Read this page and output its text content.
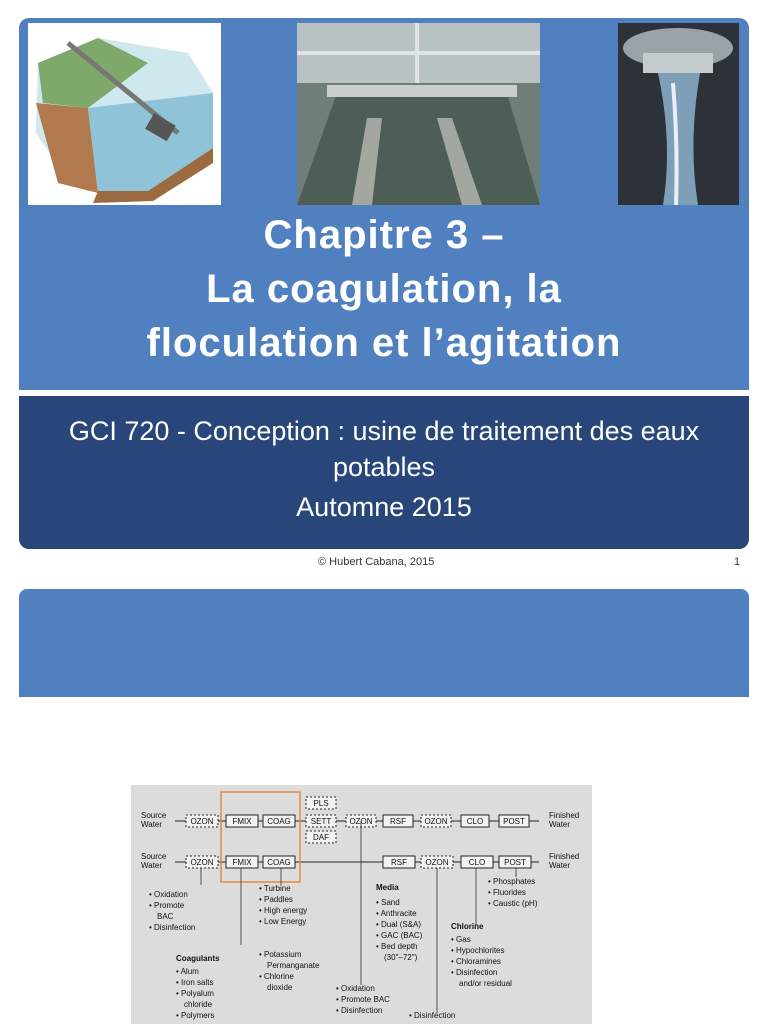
Chapitre 3 –
La coagulation, la
floculation et l’agitation
GCI 720 - Conception : usine de traitement des eaux potables
Automne 2015
© Hubert Cabana, 2015	1
Source
Water
Source
Water
OZON FMIX COAG SETT OZON RSF OZON CLO POST
PLS
DAF
Finished
Water
OZON FMIX COAG	RSF OZON	CLO POST
Finished
Water
• Oxidation
• Promote
BAC
• Disinfection
Coagulants
• Alum
• Iron salts
• Polyalum
chloride
• Polymers
• Turbine
• Paddles
• High energy
• Low Energy
• Potassium
Permanganate
• Chlorine
dioxide
Media
• Sand
• Anthracite
• Dual (S&A)
• GAC (BAC)
• Bed depth
(30"–72")
• Oxidation
• Promote BAC
• Disinfection
• Disinfection
• Phosphates
• Fluorides
• Caustic (pH)
Chlorine
• Gas
• Hypochlorites
• Chloramines
• Disinfection
and/or residual
